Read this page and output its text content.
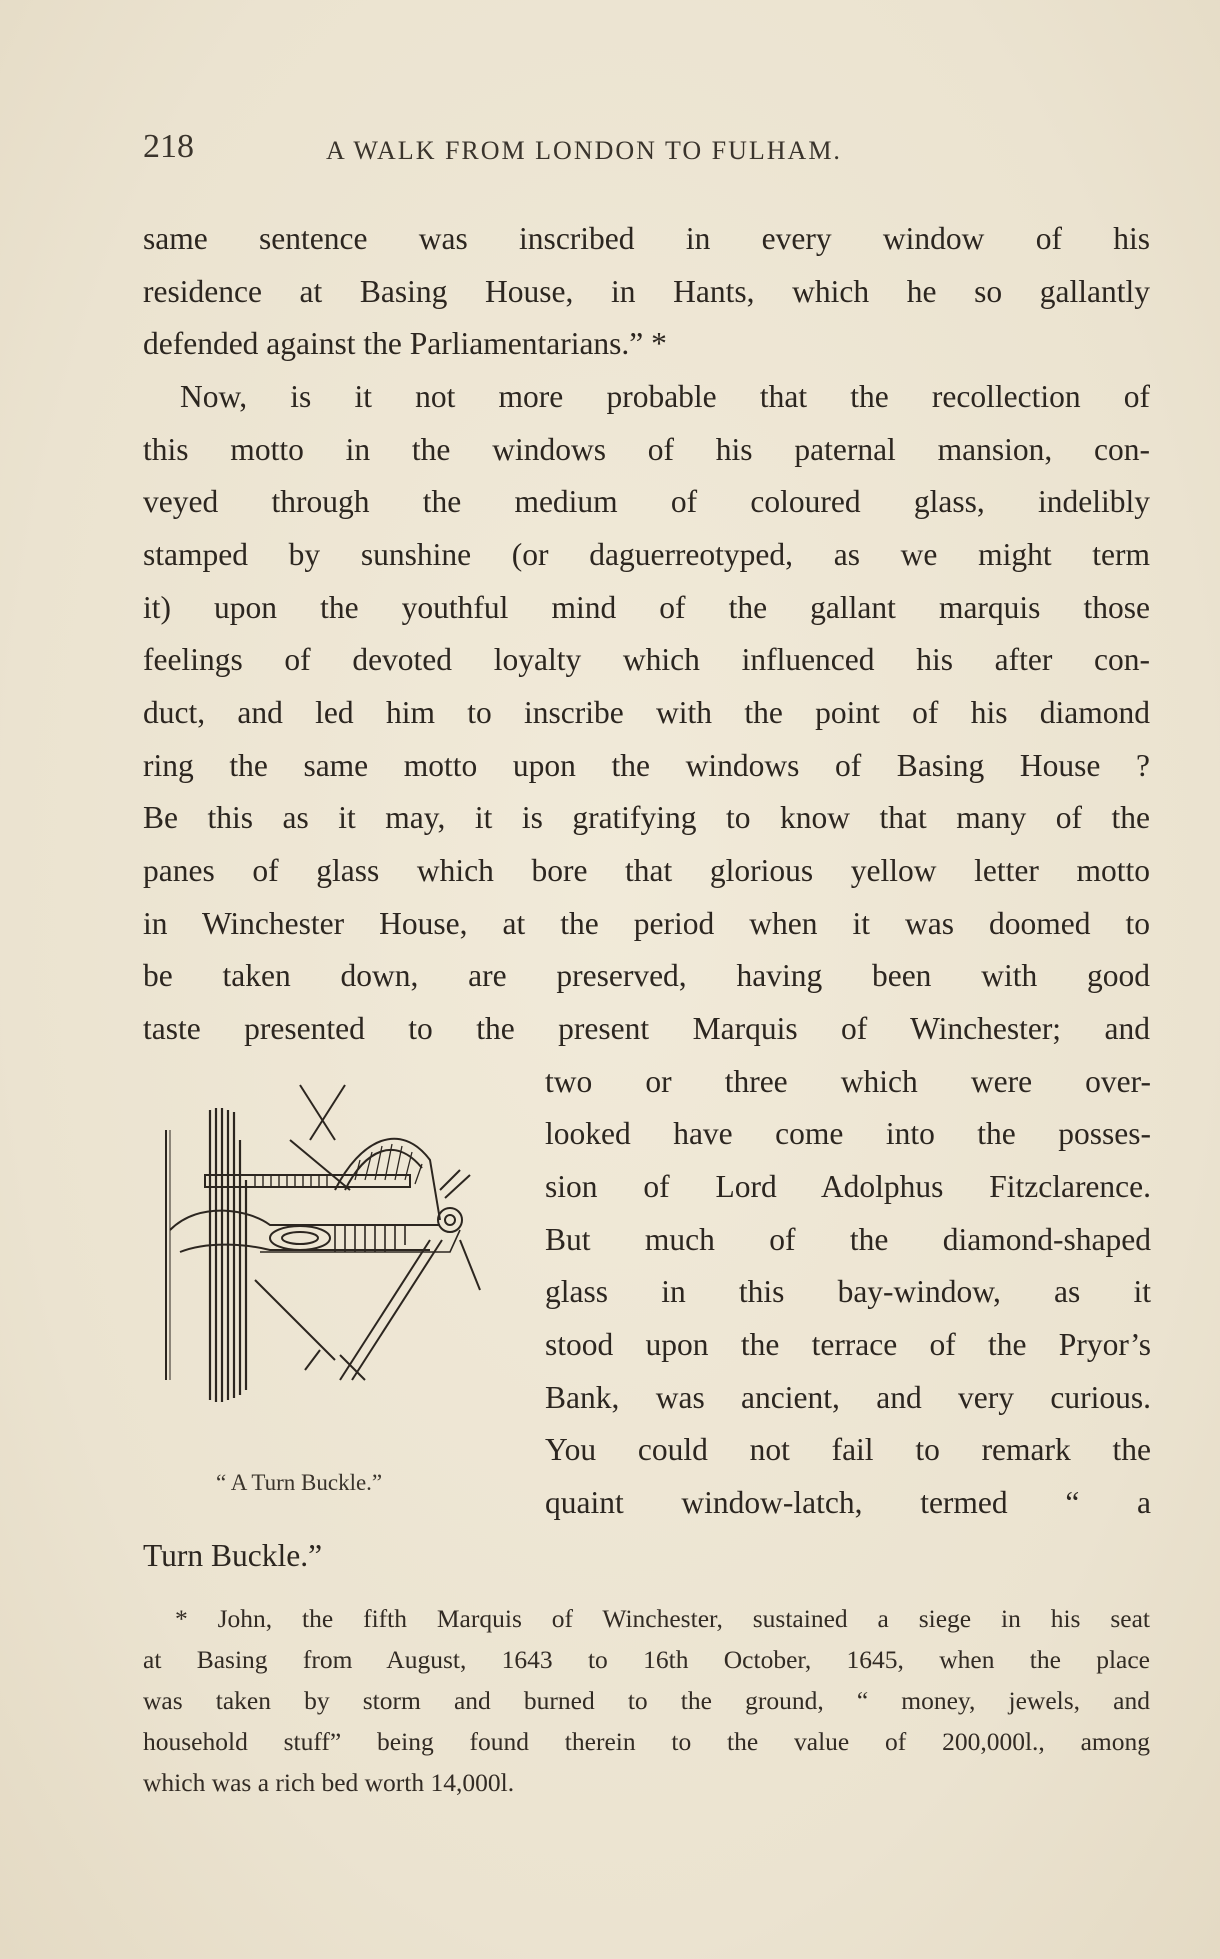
218	A WALK FROM LONDON TO FULHAM.
same sentence was inscribed in every window of his
residence at Basing House, in Hants, which he so gallantly
defended against the Parliamentarians.” *
Now, is it not more probable that the recollection of
this motto in the windows of his paternal mansion, con-
veyed through the medium of coloured glass, indelibly
stamped by sunshine (or daguerreotyped, as we might term
it) upon the youthful mind of the gallant marquis those
feelings of devoted loyalty which influenced his after con-
duct, and led him to inscribe with the point of his diamond
ring the same motto upon the windows of Basing House ?
Be this as it may, it is gratifying to know that many of the
panes of glass which bore that glorious yellow letter motto
in Winchester House, at the period when it was doomed to
be taken down, are preserved, having been with good
taste presented to the present Marquis of Winchester; and
two or three which were over-
looked have come into the posses-
sion of Lord Adolphus Fitzclarence.
But much of the diamond-shaped
glass in this bay-window, as it
stood upon the terrace of the Pryor’s
Bank, was ancient, and very curious.
You could not fail to remark the
quaint window-latch, termed “ a
Turn Buckle.”
“ A Turn Buckle.”
* John, the fifth Marquis of Winchester, sustained a siege in his seat
at Basing from August, 1643 to 16th October, 1645, when the place
was taken by storm and burned to the ground, “ money, jewels, and
household stuff” being found therein to the value of 200,000l., among
which was a rich bed worth 14,000l.
